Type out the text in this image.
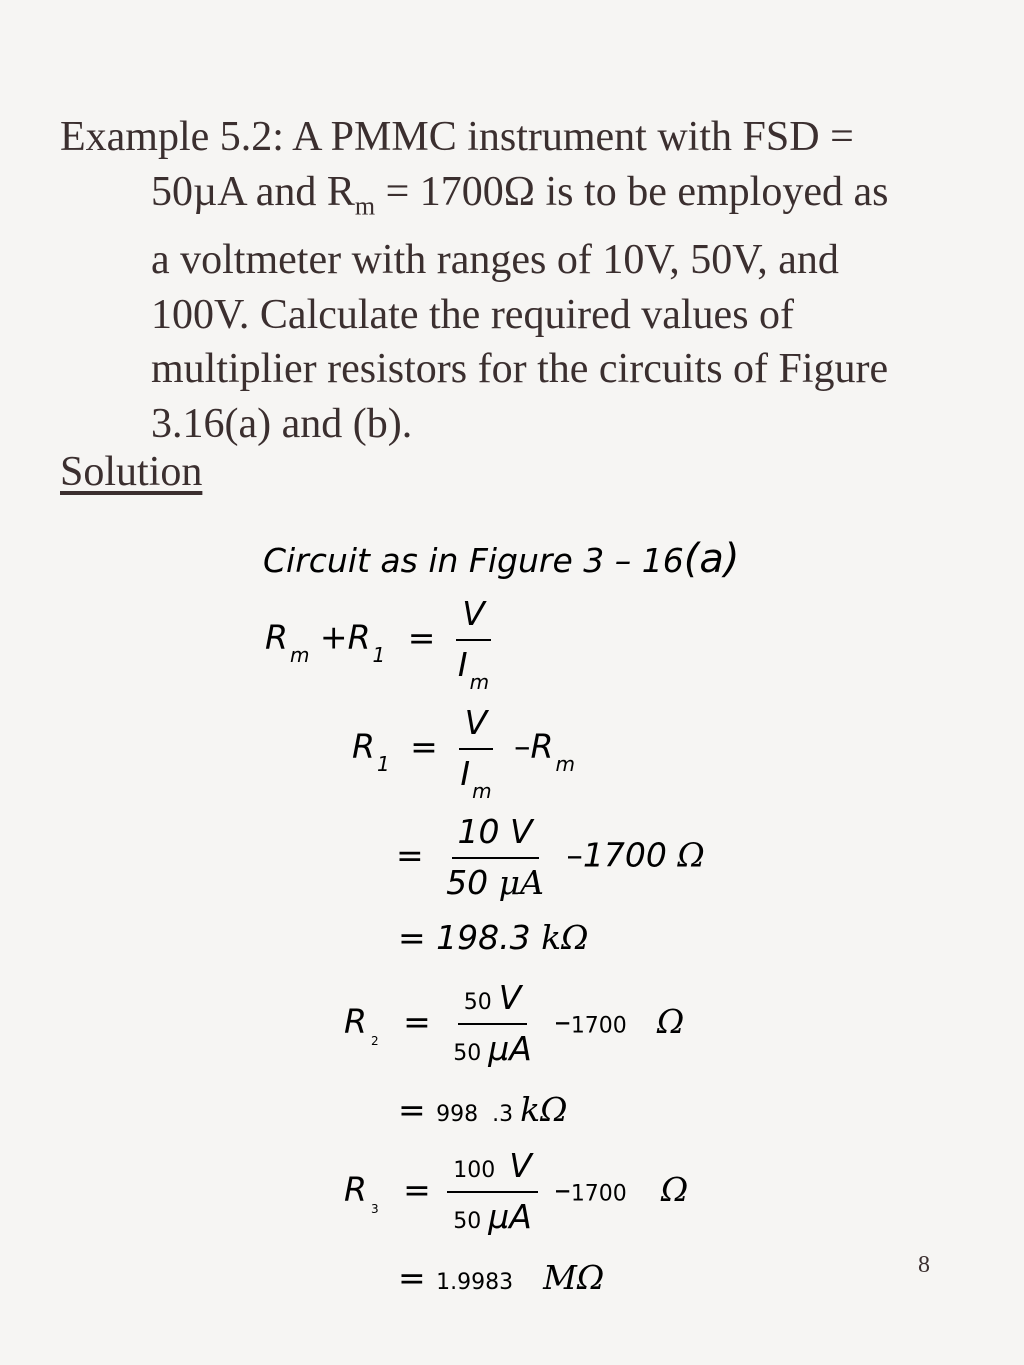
Example 5.2: A PMMC instrument with FSD =
50µA and $R_m = 1700\Omega$ is to be employed as
a voltmeter with ranges of 10V, 50V, and
100V. Calculate the required values of
multiplier resistors for the circuits of Figure
3.16(a) and (b).
Solution
Circuit as in Figure 3 – 16(a)
R $_m$ +R $_1 = \frac{V}{I _m}$
R $_1 = \frac{V}{I _m} -R$ $_m$
= $\frac{10 V}{50 \mu A} -1700$ Ω
= 198.3 kΩ
R $_2 = \frac{50 V}{50 \mu A} -1700$ Ω
= 998  .3 kΩ
R $_3 = \frac{100 V}{50 \mu A} -1700$ Ω
= 1.9983 MΩ	8
